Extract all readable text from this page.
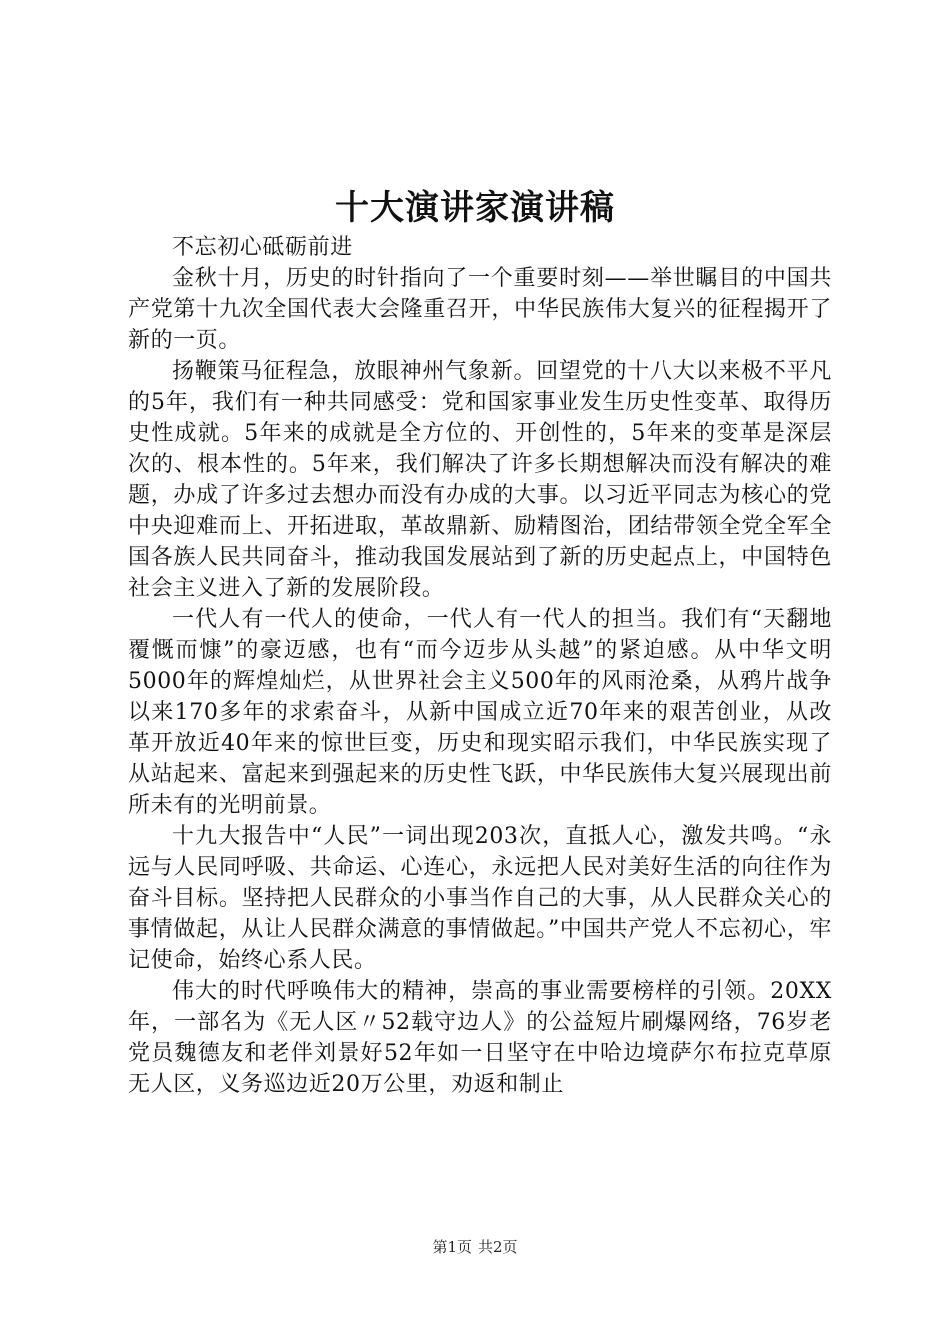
十大演讲家演讲稿

不忘初心砥砺前进

金秋十月，历史的时针指向了一个重要时刻——举世瞩目的中国共产党第十九次全国代表大会隆重召开，中华民族伟大复兴的征程揭开了新的一页。

扬鞭策马征程急，放眼神州气象新。回望党的十八大以来极不平凡的5年，我们有一种共同感受：党和国家事业发生历史性变革、取得历史性成就。5年来的成就是全方位的、开创性的，5年来的变革是深层次的、根本性的。5年来，我们解决了许多长期想解决而没有解决的难题，办成了许多过去想办而没有办成的大事。以习近平同志为核心的党中央迎难而上、开拓进取，革故鼎新、励精图治，团结带领全党全军全国各族人民共同奋斗，推动我国发展站到了新的历史起点上，中国特色社会主义进入了新的发展阶段。

一代人有一代人的使命，一代人有一代人的担当。我们有“天翻地覆慨而慷”的豪迈感，也有“而今迈步从头越”的紧迫感。从中华文明5000年的辉煌灿烂，从世界社会主义500年的风雨沧桑，从鸦片战争以来170多年的求索奋斗，从新中国成立近70年来的艰苦创业，从改革开放近40年来的惊世巨变，历史和现实昭示我们，中华民族实现了从站起来、富起来到强起来的历史性飞跃，中华民族伟大复兴展现出前所未有的光明前景。

十九大报告中“人民”一词出现203次，直抵人心，激发共鸣。“永远与人民同呼吸、共命运、心连心，永远把人民对美好生活的向往作为奋斗目标。坚持把人民群众的小事当作自己的大事，从人民群众关心的事情做起，从让人民群众满意的事情做起。”中国共产党人不忘初心，牢记使命，始终心系人民。

伟大的时代呼唤伟大的精神，崇高的事业需要榜样的引领。20XX年，一部名为《无人区〃52载守边人》的公益短片刷爆网络，76岁老党员魏德友和老伴刘景好52年如一日坚守在中哈边境萨尔布拉克草原无人区，义务巡边近20万公里，劝返和制止

第1页 共2页
